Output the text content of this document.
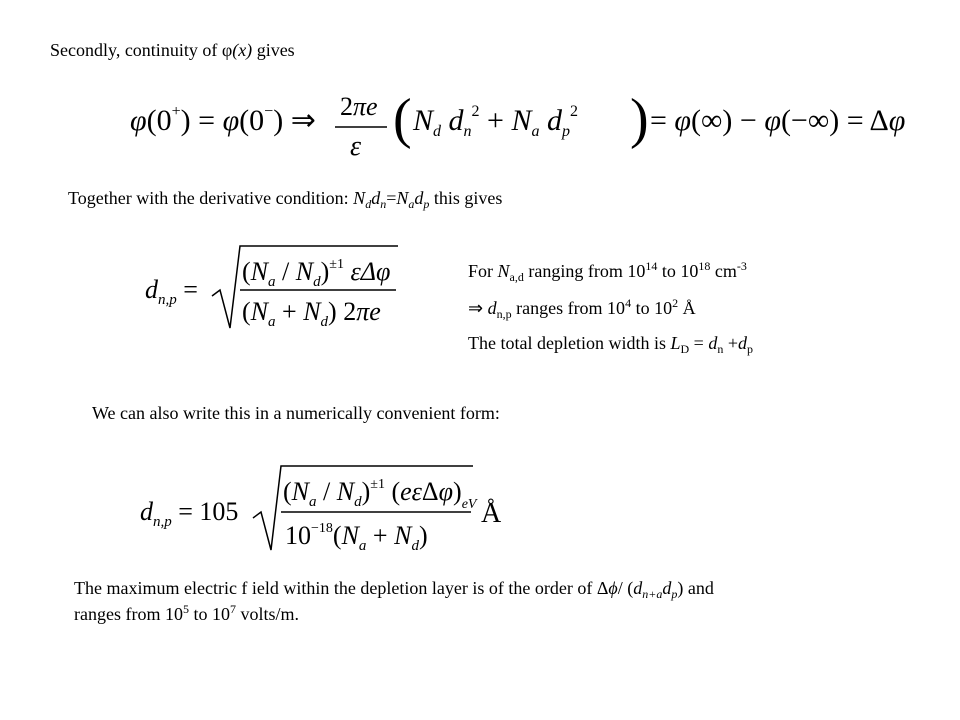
Secondly, continuity of φ(x) gives
φ(0+) = φ(0−) ⇒ 2πe
ε ( $N_d$ $d_n^2 + N_a$ $d_p^2$ ) = φ(∞) − φ(−∞) = Δφ
Together with the derivative condition: $N_dd_n=N_ad_p$ this gives
$d_{n,p}$ =
$(N_a / N_d)^{\pm 1}$ εΔφ
$(N_a + N_d)$ 2πe
For $N_{a,d}$ ranging from $10^{14}$ to $10^{18}$ $cm^{-3}$
⇒ $d_{n,p}$ ranges from $10^4$ to $10^2$ Å
The total depletion width is $L_D = d_n +d_p$
We can also write this in a numerically convenient form:
$d_{n,p} = 105$
$(N_a / N_d)^{\pm 1}$ $(e\varepsilon\Delta\varphi)_{eV}$
$10^{-18}(N_a + N_d)$
Å
The maximum electric f ield within the depletion layer is of the order of Δϕ/ $(d_{n+a}d_p)$ and
ranges from $10^5$ to $10^7$ volts/m.
